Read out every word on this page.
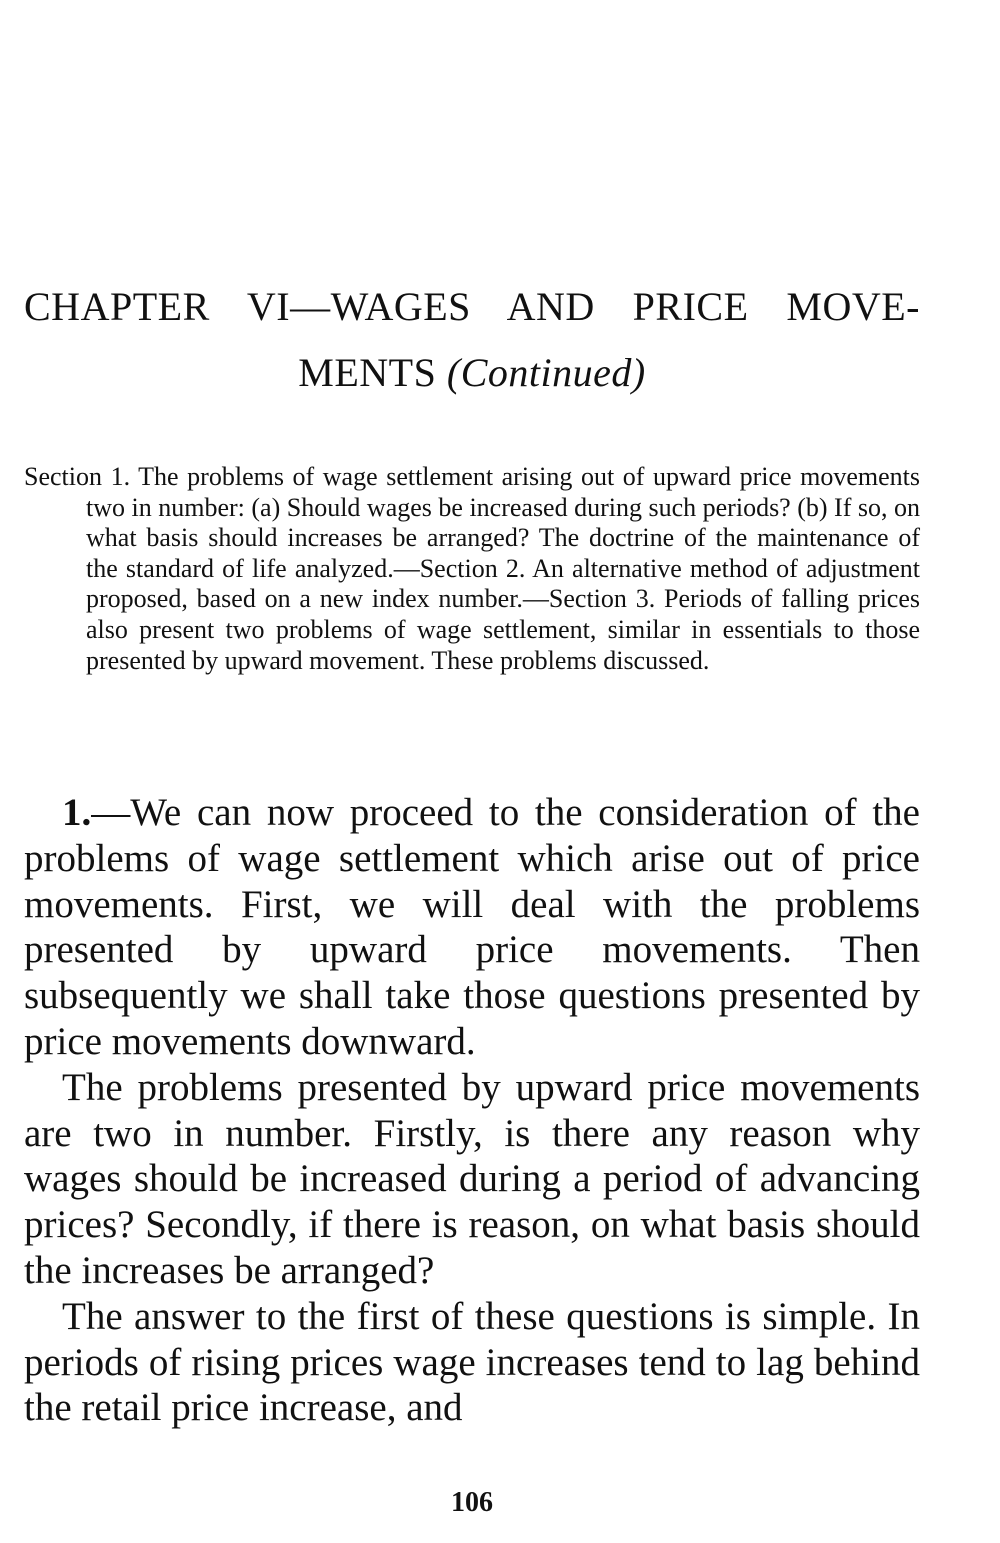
CHAPTER VI—WAGES AND PRICE MOVE-
MENTS (Continued)
Section 1. The problems of wage settlement arising out of upward price movements two in number: (a) Should wages be increased during such periods? (b) If so, on what basis should increases be arranged? The doctrine of the maintenance of the standard of life analyzed.—Section 2. An alternative method of adjustment proposed, based on a new index number.—Section 3. Periods of falling prices also present two problems of wage settlement, similar in essentials to those presented by upward movement. These problems discussed.

1.—We can now proceed to the consideration of the problems of wage settlement which arise out of price movements. First, we will deal with the problems presented by upward price movements. Then subsequently we shall take those questions presented by price movements downward.

The problems presented by upward price movements are two in number. Firstly, is there any reason why wages should be increased during a period of advancing prices? Secondly, if there is reason, on what basis should the increases be arranged?

The answer to the first of these questions is simple. In periods of rising prices wage increases tend to lag behind the retail price increase, and

106
